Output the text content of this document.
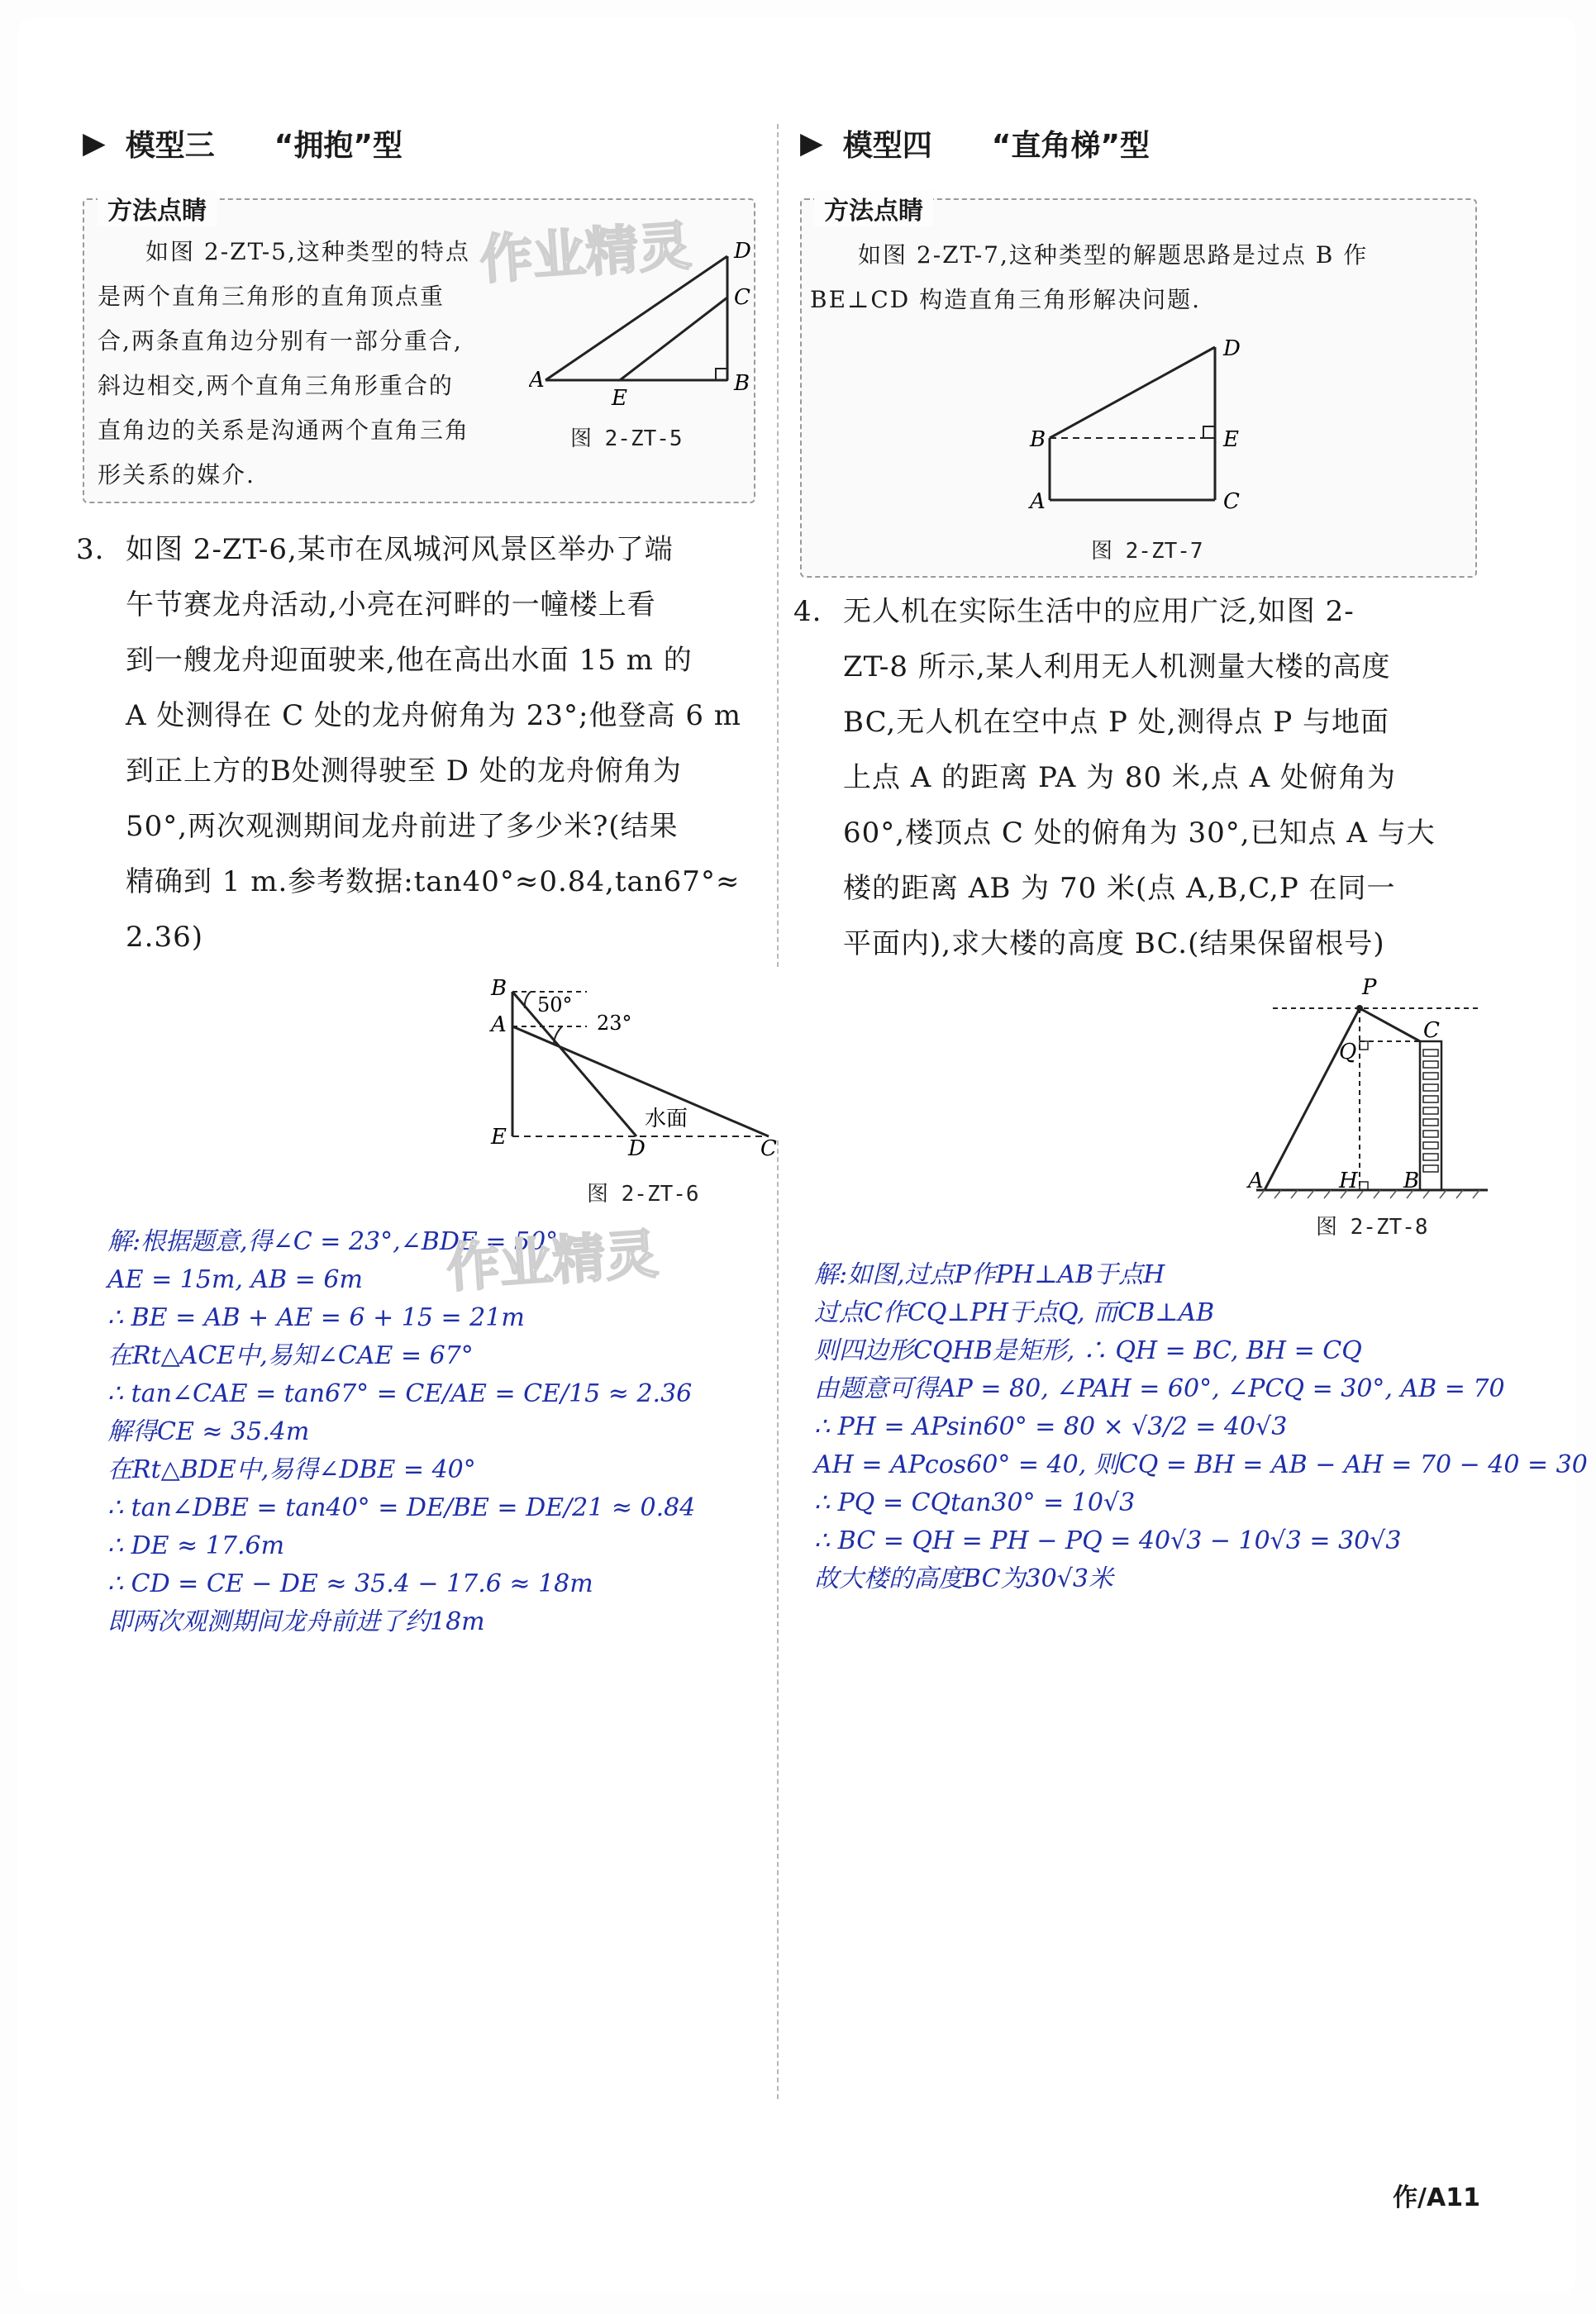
▶ 模型三 “拥抱”型
方法点睛
如图 2-ZT-5,这种类型的特点
是两个直角三角形的直角顶点重
合,两条直角边分别有一部分重合,
斜边相交,两个直角三角形重合的
直角边的关系是沟通两个直角三角
形关系的媒介.
A	B
C
D
E
图 2-ZT-5

3. 如图 2-ZT-6,某市在凤城河风景区举办了端

午节赛龙舟活动,小亮在河畔的一幢楼上看

到一艘龙舟迎面驶来,他在高出水面 15 m 的

A 处测得在 C 处的龙舟俯角为 23°;他登高 6 m

到正上方的B处测得驶至 D 处的龙舟俯角为

50°,两次观测期间龙舟前进了多少米?(结果

精确到 1 m.参考数据:tan40°≈0.84,tan67°≈

2.36)

B
A
E	D	C
50°
23°
水面
图 2-ZT-6
解:根据题意,得∠C = 23°,∠BDE = 50°
AE = 15m, AB = 6m
∴ BE = AB + AE = 6 + 15 = 21m
在Rt△ACE中,易知∠CAE = 67°
∴ tan∠CAE = tan67° = CE/AE = CE/15 ≈ 2.36
解得CE ≈ 35.4m
在Rt△BDE中,易得∠DBE = 40°
∴ tan∠DBE = tan40° = DE/BE = DE/21 ≈ 0.84
∴ DE ≈ 17.6m
∴ CD = CE − DE ≈ 35.4 − 17.6 ≈ 18m
即两次观测期间龙舟前进了约18m
▶ 模型四 “直角梯”型
方法点睛
如图 2-ZT-7,这种类型的解题思路是过点 B 作
BE⊥CD 构造直角三角形解决问题.
A
B
C
D
E
图 2-ZT-7

4. 无人机在实际生活中的应用广泛,如图 2-

ZT-8 所示,某人利用无人机测量大楼的高度

BC,无人机在空中点 P 处,测得点 P 与地面

上点 A 的距离 PA 为 80 米,点 A 处俯角为

60°,楼顶点 C 处的俯角为 30°,已知点 A 与大

楼的距离 AB 为 70 米(点 A,B,C,P 在同一

平面内),求大楼的高度 BC.(结果保留根号)

P
Q
C
A	H B
图 2-ZT-8
解:如图,过点P作PH⊥AB于点H
过点C作CQ⊥PH于点Q, 而CB⊥AB
则四边形CQHB是矩形, ∴ QH = BC, BH = CQ
由题意可得AP = 80, ∠PAH = 60°, ∠PCQ = 30°, AB = 70
∴ PH = APsin60° = 80 × √3/2 = 40√3
AH = APcos60° = 40, 则CQ = BH = AB − AH = 70 − 40 = 30
∴ PQ = CQtan30° = 10√3
∴ BC = QH = PH − PQ = 40√3 − 10√3 = 30√3
故大楼的高度BC为30√3米
作业精灵
作业精灵
作/A11
